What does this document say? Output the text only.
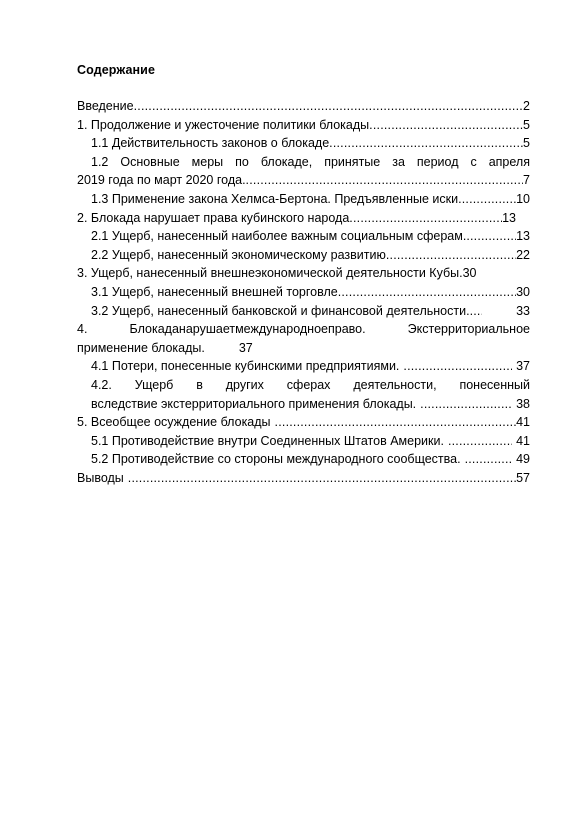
Содержание
Введение .....	2
1. Продолжение и ужесточение политики блокады .....	5
1.1 Действительность законов о блокаде .....	5
1.2 Основные меры по блокаде, принятые за период с апреля
2019 года по март 2020 года. .....	7
1.3 Применение закона Хелмса-Бертона. Предъявленные иски .....	10
2. Блокада нарушает права кубинского народа .....	13
2.1 Ущерб, нанесенный наиболее важным социальным сферам. .....	13
2.2 Ущерб, нанесенный экономическому развитию .....	22
3. Ущерб, нанесенный внешнеэкономической деятельности Кубы. 30
3.1 Ущерб, нанесенный внешней торговле .....	30
3.2 Ущерб, нанесенный банковской и финансовой деятельности. .....	33
4.	Блокаданарушаетмеждународноеправо.	Экстерриториальное
применение блокады.	37
4.1 Потери, понесенные кубинскими предприятиями. .....	37
4.2. Ущерб в других сферах деятельности, понесенный
вследствие экстерриториального применения блокады. .....	38
5. Всеобщее осуждение блокады .....	41
5.1 Противодействие внутри Соединенных Штатов Америки. .....	41
5.2 Противодействие со стороны международного сообщества. .....	49
Выводы .....	57
